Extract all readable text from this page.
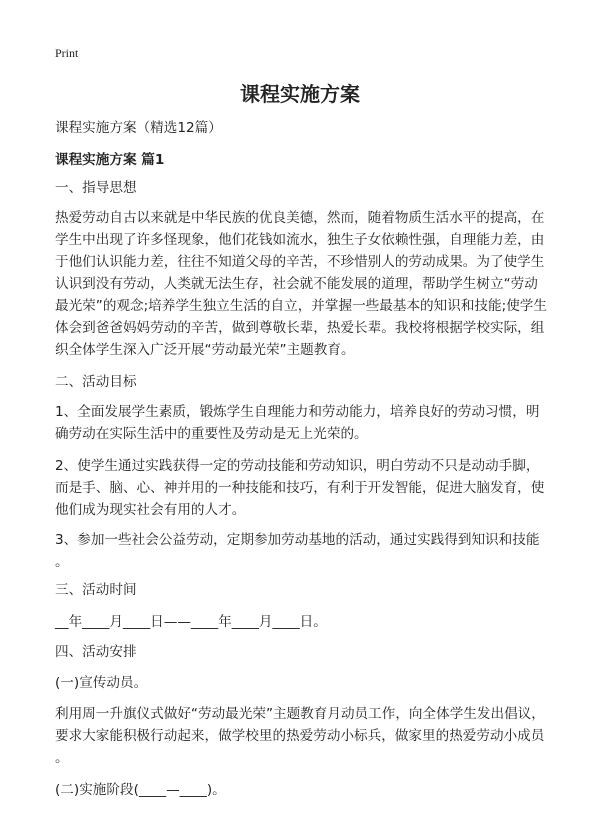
Print
课程实施方案
课程实施方案（精选12篇）
课程实施方案 篇1
一、指导思想
热爱劳动自古以来就是中华民族的优良美德，然而，随着物质生活水平的提高，在
学生中出现了许多怪现象，他们花钱如流水，独生子女依赖性强，自理能力差，由
于他们认识能力差，往往不知道父母的辛苦，不珍惜别人的劳动成果。为了使学生
认识到没有劳动，人类就无法生存，社会就不能发展的道理，帮助学生树立“劳动
最光荣”的观念;培养学生独立生活的自立，并掌握一些最基本的知识和技能;使学生
体会到爸爸妈妈劳动的辛苦，做到尊敬长辈，热爱长辈。我校将根据学校实际，组
织全体学生深入广泛开展“劳动最光荣”主题教育。
二、活动目标
1、全面发展学生素质，锻炼学生自理能力和劳动能力，培养良好的劳动习惯，明
确劳动在实际生活中的重要性及劳动是无上光荣的。
2、使学生通过实践获得一定的劳动技能和劳动知识，明白劳动不只是动动手脚，
而是手、脑、心、神并用的一种技能和技巧，有利于开发智能，促进大脑发育，使
他们成为现实社会有用的人才。
3、参加一些社会公益劳动，定期参加劳动基地的活动，通过实践得到知识和技能
。
三、活动时间
__年____月____日——____年____月____日。
四、活动安排
(一)宣传动员。
利用周一升旗仪式做好“劳动最光荣”主题教育月动员工作，向全体学生发出倡议，
要求大家能积极行动起来，做学校里的热爱劳动小标兵，做家里的热爱劳动小成员
。
(二)实施阶段(____—____)。
